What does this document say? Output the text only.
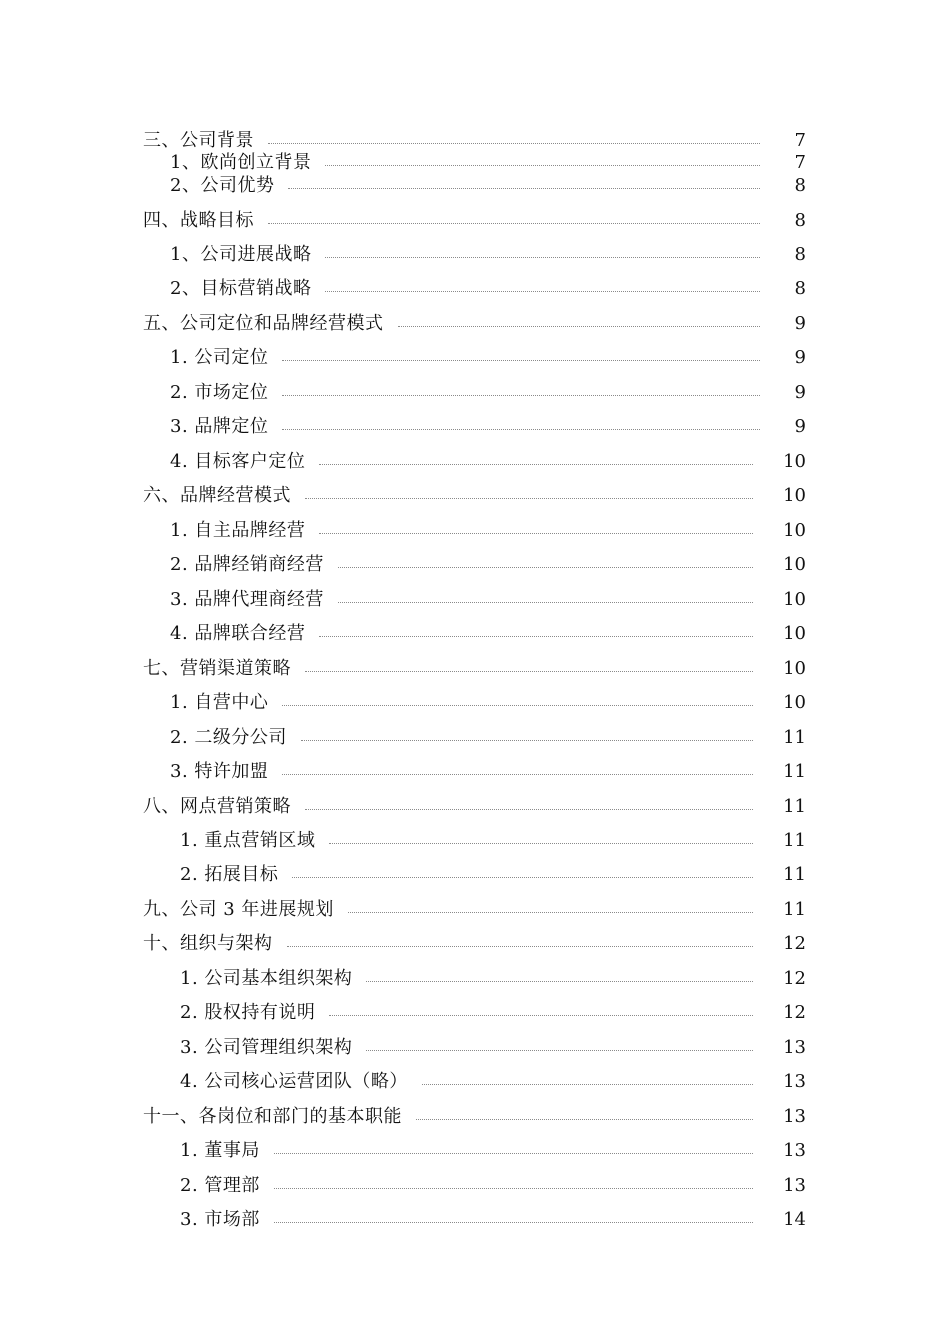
三、公司背景	7
1、欧尚创立背景	7
2、公司优势	8
四、战略目标	8
1、公司进展战略	8
2、目标营销战略	8
五、公司定位和品牌经营模式	9
1. 公司定位	9
2. 市场定位	9
3. 品牌定位	9
4. 目标客户定位	10
六、品牌经营模式	10
1. 自主品牌经营	10
2. 品牌经销商经营	10
3. 品牌代理商经营	10
4. 品牌联合经营	10
七、营销渠道策略	10
1. 自营中心	10
2. 二级分公司	11
3. 特许加盟	11
八、网点营销策略	11
1. 重点营销区域	11
2. 拓展目标	11
九、公司 3 年进展规划	11
十、组织与架构	12
1. 公司基本组织架构	12
2. 股权持有说明	12
3. 公司管理组织架构	13
4. 公司核心运营团队（略）	13
十一、各岗位和部门的基本职能	13
1. 董事局	13
2. 管理部	13
3. 市场部	14
